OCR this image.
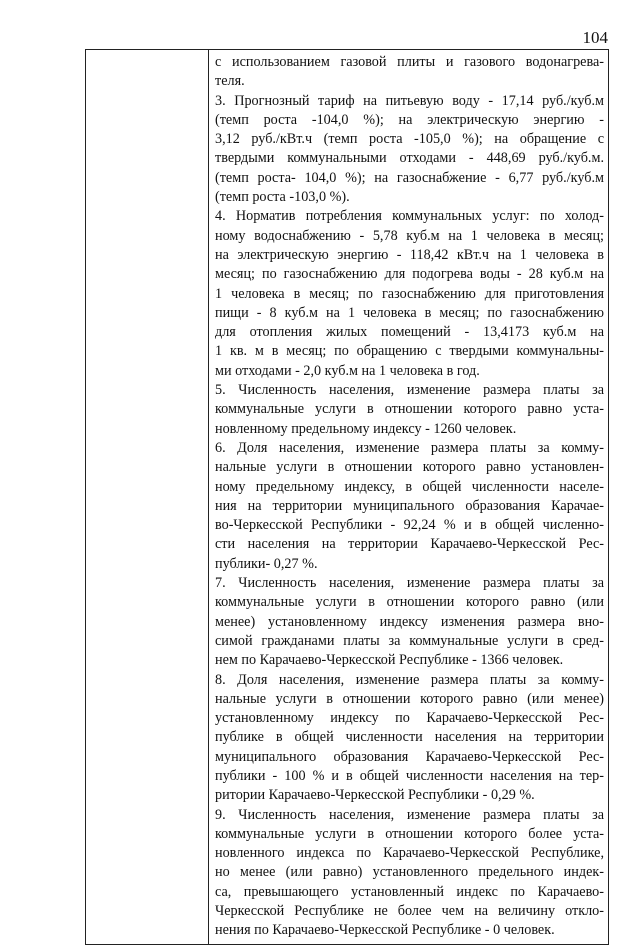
104

с использованием газовой плиты и газового водонагрева-
теля.
3. Прогнозный тариф на питьевую воду - 17,14 руб./куб.м
(темп роста -104,0 %); на электрическую энергию -
3,12 руб./кВт.ч (темп роста -105,0 %); на обращение с
твердыми коммунальными отходами - 448,69 руб./куб.м.
(темп роста- 104,0 %); на газоснабжение - 6,77 руб./куб.м
(темп роста -103,0 %).
4. Норматив потребления коммунальных услуг: по холод-
ному водоснабжению - 5,78 куб.м на 1 человека в месяц;
на электрическую энергию - 118,42 кВт.ч на 1 человека в
месяц; по газоснабжению для подогрева воды - 28 куб.м на
1 человека в месяц; по газоснабжению для приготовления
пищи - 8 куб.м на 1 человека в месяц; по газоснабжению
для отопления жилых помещений - 13,4173 куб.м на
1 кв. м в месяц; по обращению с твердыми коммунальны-
ми отходами - 2,0 куб.м на 1 человека в год.
5. Численность населения, изменение размера платы за
коммунальные услуги в отношении которого равно уста-
новленному предельному индексу - 1260 человек.
6. Доля населения, изменение размера платы за комму-
нальные услуги в отношении которого равно установлен-
ному предельному индексу, в общей численности населе-
ния на территории муниципального образования Карачае-
во-Черкесской Республики - 92,24 % и в общей численно-
сти населения на территории Карачаево-Черкесской Рес-
публики- 0,27 %.
7. Численность населения, изменение размера платы за
коммунальные услуги в отношении которого равно (или
менее) установленному индексу изменения размера вно-
симой гражданами платы за коммунальные услуги в сред-
нем по Карачаево-Черкесской Республике - 1366 человек.
8. Доля населения, изменение размера платы за комму-
нальные услуги в отношении которого равно (или менее)
установленному индексу по Карачаево-Черкесской Рес-
публике в общей численности населения на территории
муниципального образования Карачаево-Черкесской Рес-
публики - 100 % и в общей численности населения на тер-
ритории Карачаево-Черкесской Республики - 0,29 %.
9. Численность населения, изменение размера платы за
коммунальные услуги в отношении которого более уста-
новленного индекса по Карачаево-Черкесской Республике,
но менее (или равно) установленного предельного индек-
са, превышающего установленный индекс по Карачаево-
Черкесской Республике не более чем на величину откло-
нения по Карачаево-Черкесской Республике - 0 человек.
